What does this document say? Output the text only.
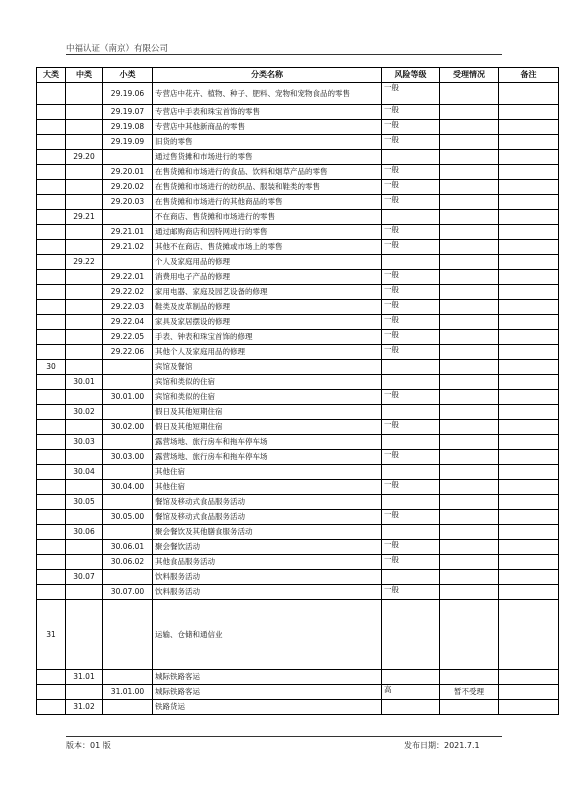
中福认证（南京）有限公司
大类	中类	小类	分类名称	风险等级	受理情况	备注
		29.19.06	专营店中花卉、植物、种子、肥料、宠物和宠物食品的零售	一般		
		29.19.07	专营店中手表和珠宝首饰的零售	一般		
		29.19.08	专营店中其他新商品的零售	一般		
		29.19.09	旧货的零售	一般		
	29.20		通过售货摊和市场进行的零售			
		29.20.01	在售货摊和市场进行的食品、饮料和烟草产品的零售	一般		
		29.20.02	在售货摊和市场进行的纺织品、服装和鞋类的零售	一般		
		29.20.03	在售货摊和市场进行的其他商品的零售	一般		
	29.21		不在商店、售货摊和市场进行的零售			
		29.21.01	通过邮购商店和因特网进行的零售	一般		
		29.21.02	其他不在商店、售货摊或市场上的零售	一般		
	29.22		个人及家庭用品的修理			
		29.22.01	消费用电子产品的修理	一般		
		29.22.02	家用电器、家庭及园艺设备的修理	一般		
		29.22.03	鞋类及皮革制品的修理	一般		
		29.22.04	家具及家居摆设的修理	一般		
		29.22.05	手表、钟表和珠宝首饰的修理	一般		
		29.22.06	其他个人及家庭用品的修理	一般		
30			宾馆及餐馆			
	30.01		宾馆和类似的住宿			
		30.01.00	宾馆和类似的住宿	一般		
	30.02		假日及其他短期住宿			
		30.02.00	假日及其他短期住宿	一般		
	30.03		露营场地、旅行房车和拖车停车场			
		30.03.00	露营场地、旅行房车和拖车停车场	一般		
	30.04		其他住宿			
		30.04.00	其他住宿	一般		
	30.05		餐馆及移动式食品服务活动			
		30.05.00	餐馆及移动式食品服务活动	一般		
	30.06		聚会餐饮及其他膳食服务活动			
		30.06.01	聚会餐饮活动	一般		
		30.06.02	其他食品服务活动	一般		
	30.07		饮料服务活动			
		30.07.00	饮料服务活动	一般		
31			运输、仓储和通信业			
	31.01		城际铁路客运			
		31.01.00	城际铁路客运	高	暂不受理	
	31.02		铁路货运			
版本：01 版	发布日期：2021.7.1
